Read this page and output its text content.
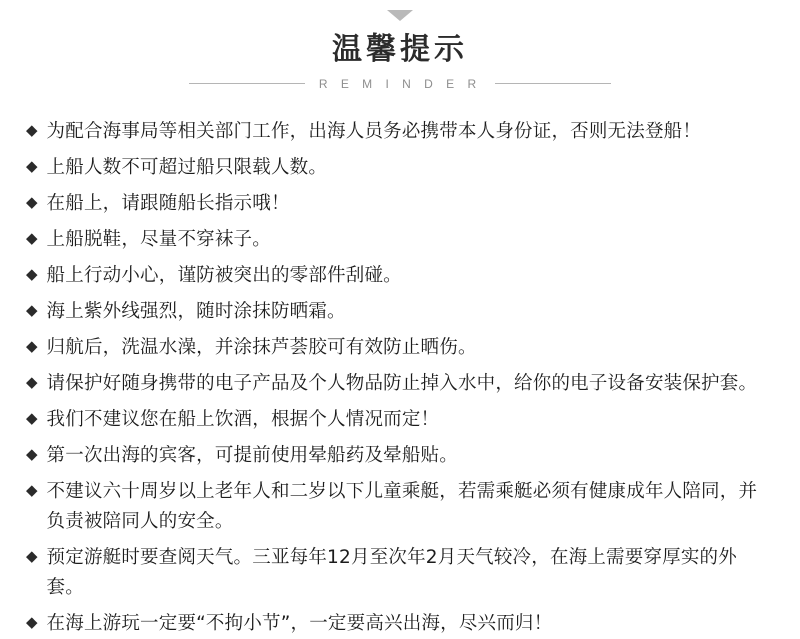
温馨提示
R E M I N D E R
◆ 为配合海事局等相关部门工作，出海人员务必携带本人身份证，否则无法登船！
◆ 上船人数不可超过船只限载人数。
◆ 在船上，请跟随船长指示哦！
◆ 上船脱鞋，尽量不穿袜子。
◆ 船上行动小心，谨防被突出的零部件刮碰。
◆ 海上紫外线强烈，随时涂抹防晒霜。
◆ 归航后，洗温水澡，并涂抹芦荟胶可有效防止晒伤。
◆ 请保护好随身携带的电子产品及个人物品防止掉入水中，给你的电子设备安装保护套。
◆ 我们不建议您在船上饮酒，根据个人情况而定！
◆ 第一次出海的宾客，可提前使用晕船药及晕船贴。
◆ 不建议六十周岁以上老年人和二岁以下儿童乘艇，若需乘艇必须有健康成年人陪同，并负责被陪同人的安全。
◆ 预定游艇时要查阅天气。三亚每年12月至次年2月天气较冷，在海上需要穿厚实的外套。
◆ 在海上游玩一定要“不拘小节”，一定要高兴出海，尽兴而归！
